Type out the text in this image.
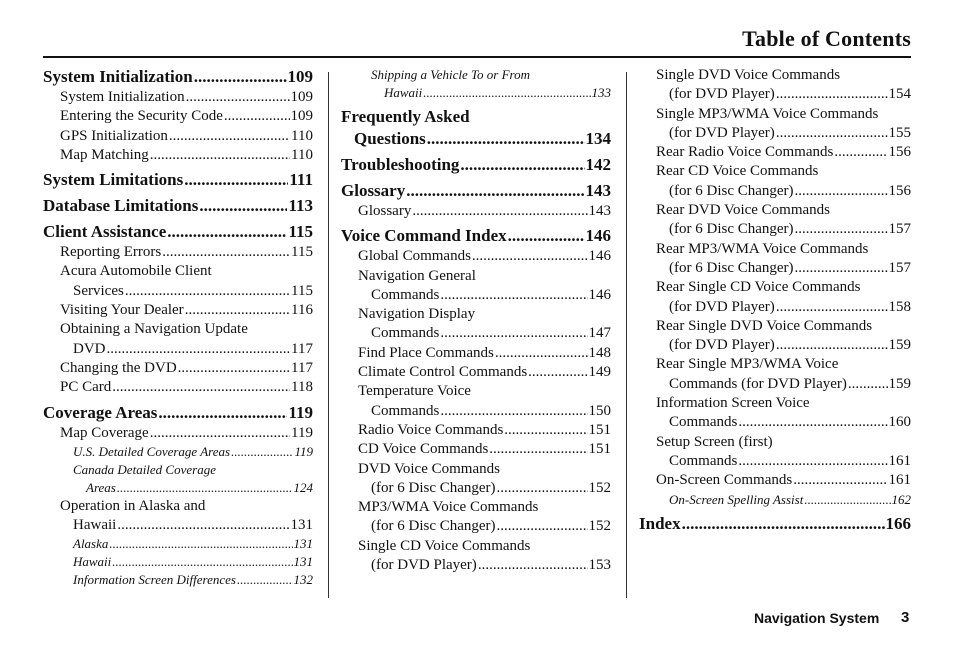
Table of Contents
System Initialization .....	109
System Initialization .....	109
Entering the Security Code .....	109
GPS Initialization .....	110
Map Matching .....	110
System Limitations .....	111
Database Limitations .....	113
Client Assistance .....	115
Reporting Errors .....	115
Acura Automobile Client
Services .....	115
Visiting Your Dealer .....	116
Obtaining a Navigation Update
DVD .....	117
Changing the DVD .....	117
PC Card .....	118
Coverage Areas .....	119
Map Coverage .....	119
U.S. Detailed Coverage Areas .....	119
Canada Detailed Coverage
Areas .....	124
Operation in Alaska and
Hawaii .....	131
Alaska .....	131
Hawaii .....	131
Information Screen Differences .....	132
Shipping a Vehicle To or From
Hawaii .....	133
Frequently Asked
Questions .....	134
Troubleshooting .....	142
Glossary .....	143
Glossary .....	143
Voice Command Index .....	146
Global Commands .....	146
Navigation General
Commands .....	146
Navigation Display
Commands .....	147
Find Place Commands .....	148
Climate Control Commands .....	149
Temperature Voice
Commands .....	150
Radio Voice Commands .....	151
CD Voice Commands .....	151
DVD Voice Commands
(for 6 Disc Changer) .....	152
MP3/WMA Voice Commands
(for 6 Disc Changer) .....	152
Single CD Voice Commands
(for DVD Player) .....	153
Single DVD Voice Commands
(for DVD Player) .....	154
Single MP3/WMA Voice Commands
(for DVD Player) .....	155
Rear Radio Voice Commands .....	156
Rear CD Voice Commands
(for 6 Disc Changer) .....	156
Rear DVD Voice Commands
(for 6 Disc Changer) .....	157
Rear MP3/WMA Voice Commands
(for 6 Disc Changer) .....	157
Rear Single CD Voice Commands
(for DVD Player) .....	158
Rear Single DVD Voice Commands
(for DVD Player) .....	159
Rear Single MP3/WMA Voice
Commands (for DVD Player) .....	159
Information Screen Voice
Commands .....	160
Setup Screen (first)
Commands .....	161
On-Screen Commands .....	161
On-Screen Spelling Assist .....	162
Index .....	166
Navigation System 3
